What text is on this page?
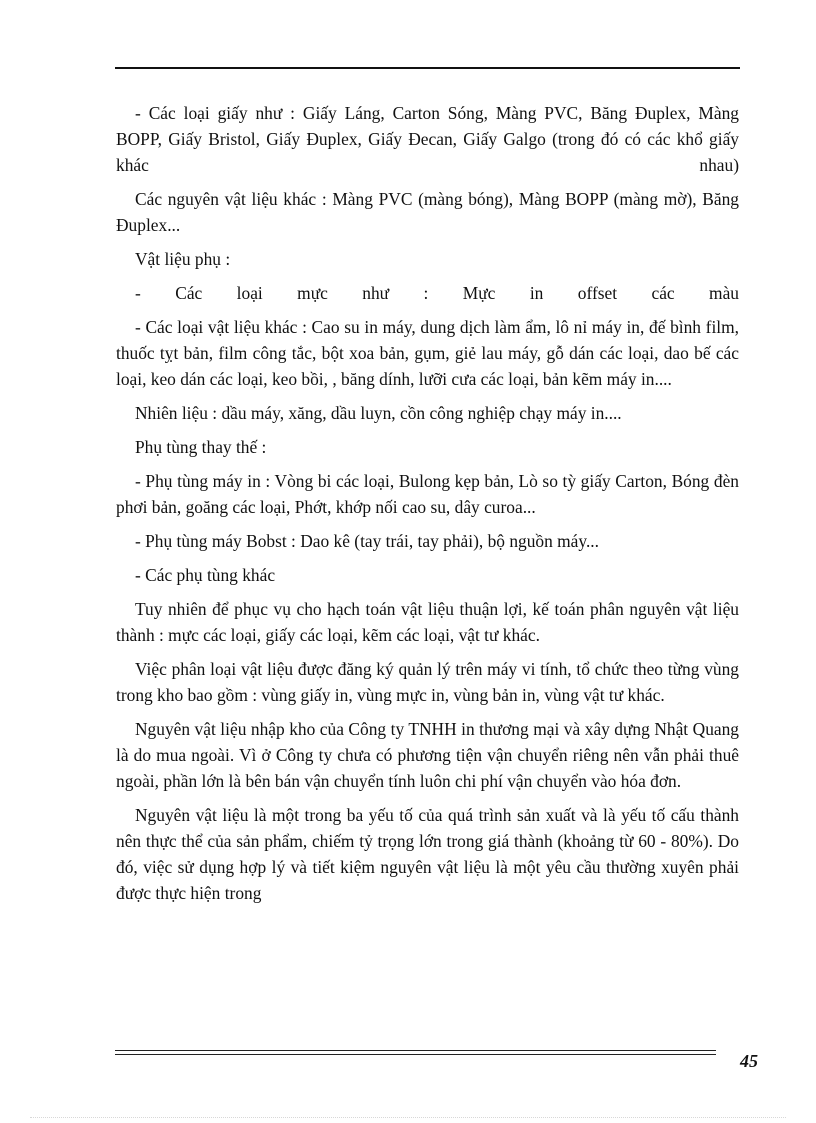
- Các loại giấy như : Giấy Láng, Carton Sóng, Màng PVC, Băng Đuplex, Màng BOPP, Giấy Bristol, Giấy Đuplex, Giấy Đecan, Giấy Galgo (trong đó có các khổ giấy khác nhau)

Các nguyên vật liệu khác : Màng PVC (màng bóng), Màng BOPP (màng mờ), Băng Đuplex...

Vật liệu phụ :

- Các loại mực như : Mực in offset các màu

- Các loại vật liệu khác : Cao su in máy, dung dịch làm ẩm, lô nỉ máy in, đế bình film, thuốc tỵt bản, film công tắc, bột xoa bản, gụm, giẻ lau máy, gỗ dán các loại, dao bế các loại, keo dán các loại, keo bồi, , băng dính, lưỡi cưa các loại, bản kẽm máy in....

Nhiên liệu : dầu máy, xăng, dầu luyn, cồn công nghiệp chạy máy in....

Phụ tùng thay thế :

- Phụ tùng máy in : Vòng bi các loại, Bulong kẹp bản, Lò so tỳ giấy Carton, Bóng đèn phơi bản, goăng các loại, Phớt, khớp nối cao su, dây curoa...

- Phụ tùng máy Bobst : Dao kê (tay trái, tay phải), bộ nguồn máy...

- Các phụ tùng khác

Tuy nhiên để phục vụ cho hạch toán vật liệu thuận lợi, kế toán phân nguyên vật liệu thành : mực các loại, giấy các loại, kẽm các loại, vật tư khác.

Việc phân loại vật liệu được đăng ký quản lý trên máy vi tính, tổ chức theo từng vùng trong kho bao gồm : vùng giấy in, vùng mực in, vùng bản in, vùng vật tư khác.

Nguyên vật liệu nhập kho của Công ty TNHH in thương mại và xây dựng Nhật Quang là do mua ngoài. Vì ở Công ty chưa có phương tiện vận chuyển riêng nên vẫn phải thuê ngoài, phần lớn là bên bán vận chuyển tính luôn chi phí vận chuyển vào hóa đơn.

Nguyên vật liệu là một trong ba yếu tố của quá trình sản xuất và là yếu tố cấu thành nên thực thể của sản phẩm, chiếm tỷ trọng lớn trong giá thành (khoảng từ 60 - 80%). Do đó, việc sử dụng hợp lý và tiết kiệm nguyên vật liệu là một yêu cầu thường xuyên phải được thực hiện trong

45
